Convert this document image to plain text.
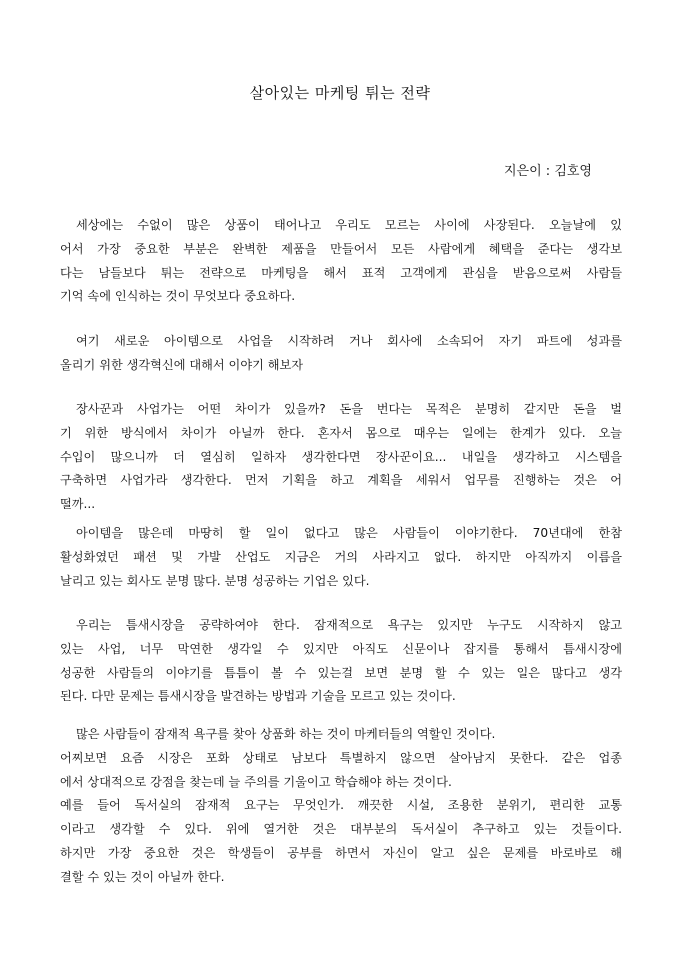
살아있는 마케팅 튀는 전략

지은이 : 김호영

세상에는 수없이 많은 상품이 태어나고 우리도 모르는 사이에 사장된다. 오늘날에 있
어서 가장 중요한 부분은 완벽한 제품을 만들어서 모든 사람에게 혜택을 준다는 생각보
다는 남들보다 튀는 전략으로 마케팅을 해서 표적 고객에게 관심을 받음으로써 사람들
기억 속에 인식하는 것이 무엇보다 중요하다.

여기 새로운 아이템으로 사업을 시작하려 거나 회사에 소속되어 자기 파트에 성과를
올리기 위한 생각혁신에 대해서 이야기 해보자

장사꾼과 사업가는 어떤 차이가 있을까? 돈을 번다는 목적은 분명히 같지만 돈을 벌
기 위한 방식에서 차이가 아닐까 한다. 혼자서 몸으로 때우는 일에는 한계가 있다. 오늘
수입이 많으니까 더 열심히 일하자 생각한다면 장사꾼이요... 내일을 생각하고 시스템을
구축하면 사업가라 생각한다. 먼저 기획을 하고 계획을 세워서 업무를 진행하는 것은 어
떨까...

아이템을 많은데 마땅히 할 일이 없다고 많은 사람들이 이야기한다. 70년대에 한참
활성화였던 패션 및 가발 산업도 지금은 거의 사라지고 없다. 하지만 아직까지 이름을
날리고 있는 회사도 분명 많다. 분명 성공하는 기업은 있다.

우리는 틈새시장을 공략하여야 한다. 잠재적으로 욕구는 있지만 누구도 시작하지 않고
있는 사업, 너무 막연한 생각일 수 있지만 아직도 신문이나 잡지를 통해서 틈새시장에
성공한 사람들의 이야기를 틈틈이 볼 수 있는걸 보면 분명 할 수 있는 일은 많다고 생각
된다. 다만 문제는 틈새시장을 발견하는 방법과 기술을 모르고 있는 것이다.

많은 사람들이 잠재적 욕구를 찾아 상품화 하는 것이 마케터들의 역할인 것이다.
어찌보면 요즘 시장은 포화 상태로 남보다 특별하지 않으면 살아남지 못한다. 같은 업종
에서 상대적으로 강점을 찾는데 늘 주의를 기울이고 학습해야 하는 것이다.
예를 들어 독서실의 잠재적 요구는 무엇인가. 깨끗한 시설, 조용한 분위기, 편리한 교통
이라고 생각할 수 있다. 위에 열거한 것은 대부분의 독서실이 추구하고 있는 것들이다.
하지만 가장 중요한 것은 학생들이 공부를 하면서 자신이 알고 싶은 문제를 바로바로 해
결할 수 있는 것이 아닐까 한다.
